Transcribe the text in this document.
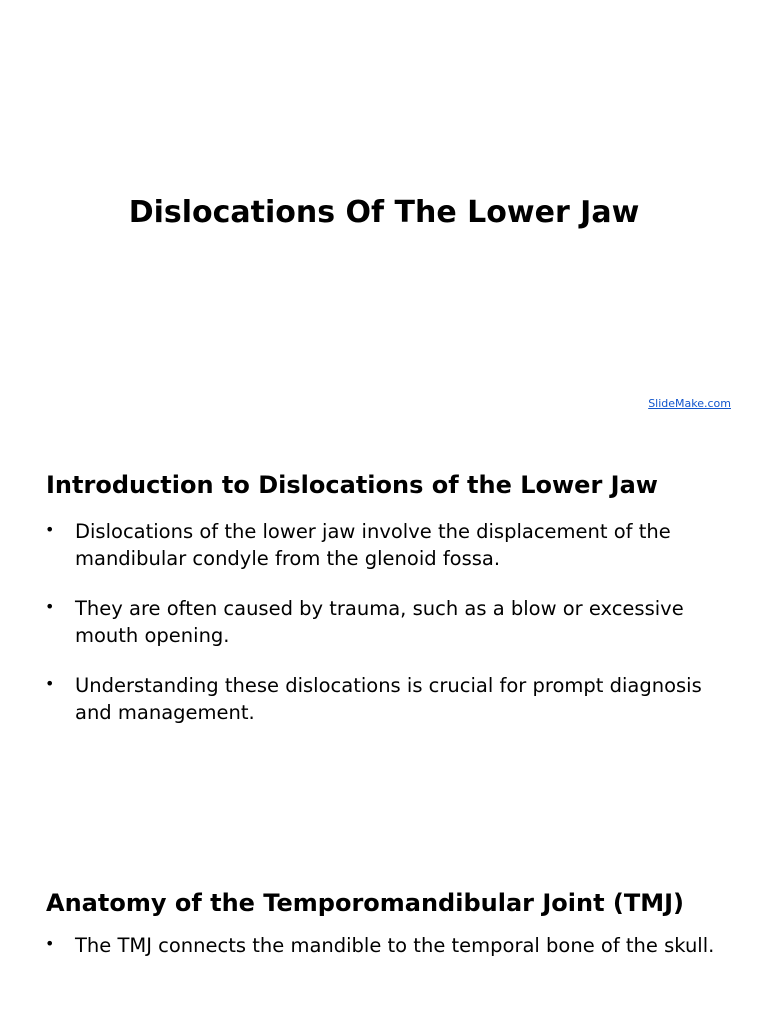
Dislocations Of The Lower Jaw
SlideMake.com
Introduction to Dislocations of the Lower Jaw
• Dislocations of the lower jaw involve the displacement of the mandibular condyle from the glenoid fossa.
• They are often caused by trauma, such as a blow or excessive mouth opening.
• Understanding these dislocations is crucial for prompt diagnosis and management.
Anatomy of the Temporomandibular Joint (TMJ)
• The TMJ connects the mandible to the temporal bone of the skull.
